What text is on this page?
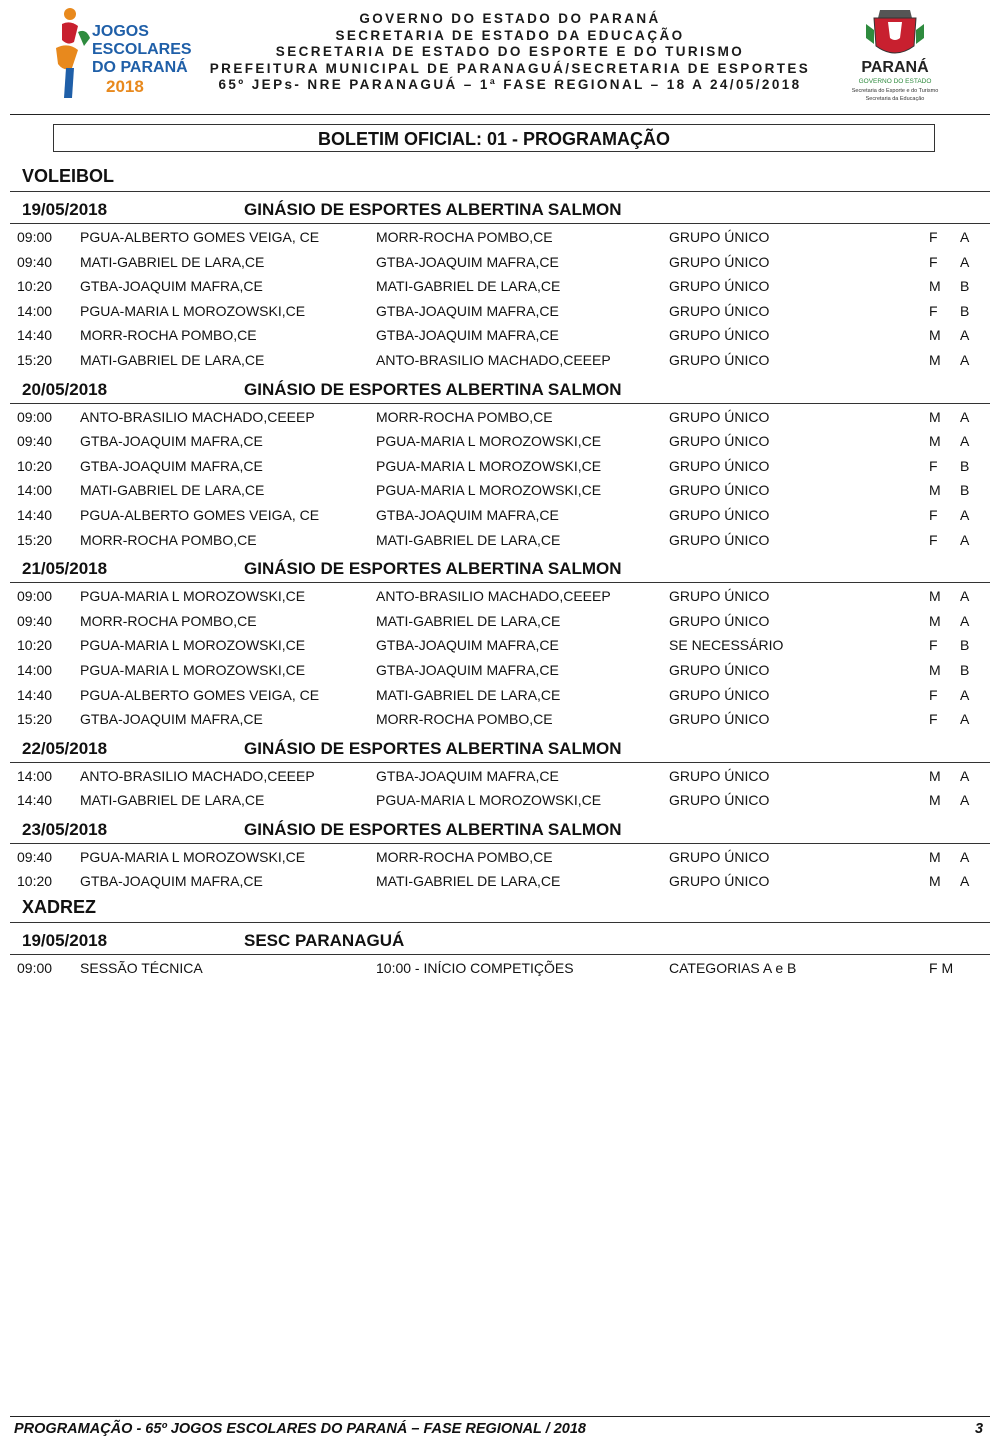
JOGOS
ESCOLARES
DO PARANÁ
2018
GOVERNO DO ESTADO DO PARANÁ
SECRETARIA DE ESTADO DA EDUCAÇÃO
SECRETARIA DE ESTADO DO ESPORTE E DO TURISMO
PREFEITURA MUNICIPAL DE PARANAGUÁ/SECRETARIA DE ESPORTES
65º JEPs- NRE PARANAGUÁ – 1ª FASE REGIONAL – 18 A 24/05/2018
PARANÁ
GOVERNO DO ESTADO
Secretaria do Esporte e do Turismo
Secretaria da Educação
BOLETIM OFICIAL: 01 - PROGRAMAÇÃO
VOLEIBOL
19/05/2018	GINÁSIO DE ESPORTES ALBERTINA SALMON
09:00 PGUA-ALBERTO GOMES VEIGA, CE	MORR-ROCHA POMBO,CE	GRUPO ÚNICO	F A
09:40 MATI-GABRIEL DE LARA,CE	GTBA-JOAQUIM MAFRA,CE	GRUPO ÚNICO	F A
10:20 GTBA-JOAQUIM MAFRA,CE	MATI-GABRIEL DE LARA,CE	GRUPO ÚNICO	M B
14:00 PGUA-MARIA L MOROZOWSKI,CE	GTBA-JOAQUIM MAFRA,CE	GRUPO ÚNICO	F B
14:40 MORR-ROCHA POMBO,CE	GTBA-JOAQUIM MAFRA,CE	GRUPO ÚNICO	M A
15:20 MATI-GABRIEL DE LARA,CE	ANTO-BRASILIO MACHADO,CEEEP	GRUPO ÚNICO	M A
20/05/2018	GINÁSIO DE ESPORTES ALBERTINA SALMON
09:00 ANTO-BRASILIO MACHADO,CEEEP	MORR-ROCHA POMBO,CE	GRUPO ÚNICO	M A
09:40 GTBA-JOAQUIM MAFRA,CE	PGUA-MARIA L MOROZOWSKI,CE	GRUPO ÚNICO	M A
10:20 GTBA-JOAQUIM MAFRA,CE	PGUA-MARIA L MOROZOWSKI,CE	GRUPO ÚNICO	F B
14:00 MATI-GABRIEL DE LARA,CE	PGUA-MARIA L MOROZOWSKI,CE	GRUPO ÚNICO	M B
14:40 PGUA-ALBERTO GOMES VEIGA, CE	GTBA-JOAQUIM MAFRA,CE	GRUPO ÚNICO	F A
15:20 MORR-ROCHA POMBO,CE	MATI-GABRIEL DE LARA,CE	GRUPO ÚNICO	F A
21/05/2018	GINÁSIO DE ESPORTES ALBERTINA SALMON
09:00 PGUA-MARIA L MOROZOWSKI,CE	ANTO-BRASILIO MACHADO,CEEEP	GRUPO ÚNICO	M A
09:40 MORR-ROCHA POMBO,CE	MATI-GABRIEL DE LARA,CE	GRUPO ÚNICO	M A
10:20 PGUA-MARIA L MOROZOWSKI,CE	GTBA-JOAQUIM MAFRA,CE	SE NECESSÁRIO	F B
14:00 PGUA-MARIA L MOROZOWSKI,CE	GTBA-JOAQUIM MAFRA,CE	GRUPO ÚNICO	M B
14:40 PGUA-ALBERTO GOMES VEIGA, CE	MATI-GABRIEL DE LARA,CE	GRUPO ÚNICO	F A
15:20 GTBA-JOAQUIM MAFRA,CE	MORR-ROCHA POMBO,CE	GRUPO ÚNICO	F A
22/05/2018	GINÁSIO DE ESPORTES ALBERTINA SALMON
14:00 ANTO-BRASILIO MACHADO,CEEEP	GTBA-JOAQUIM MAFRA,CE	GRUPO ÚNICO	M A
14:40 MATI-GABRIEL DE LARA,CE	PGUA-MARIA L MOROZOWSKI,CE	GRUPO ÚNICO	M A
23/05/2018	GINÁSIO DE ESPORTES ALBERTINA SALMON
09:40 PGUA-MARIA L MOROZOWSKI,CE	MORR-ROCHA POMBO,CE	GRUPO ÚNICO	M A
10:20 GTBA-JOAQUIM MAFRA,CE	MATI-GABRIEL DE LARA,CE	GRUPO ÚNICO	M A
XADREZ
19/05/2018	SESC PARANAGUÁ
09:00 SESSÃO TÉCNICA	10:00 - INÍCIO COMPETIÇÕES	CATEGORIAS A e B	F M
PROGRAMAÇÃO - 65º JOGOS ESCOLARES DO PARANÁ – FASE REGIONAL / 2018	3
